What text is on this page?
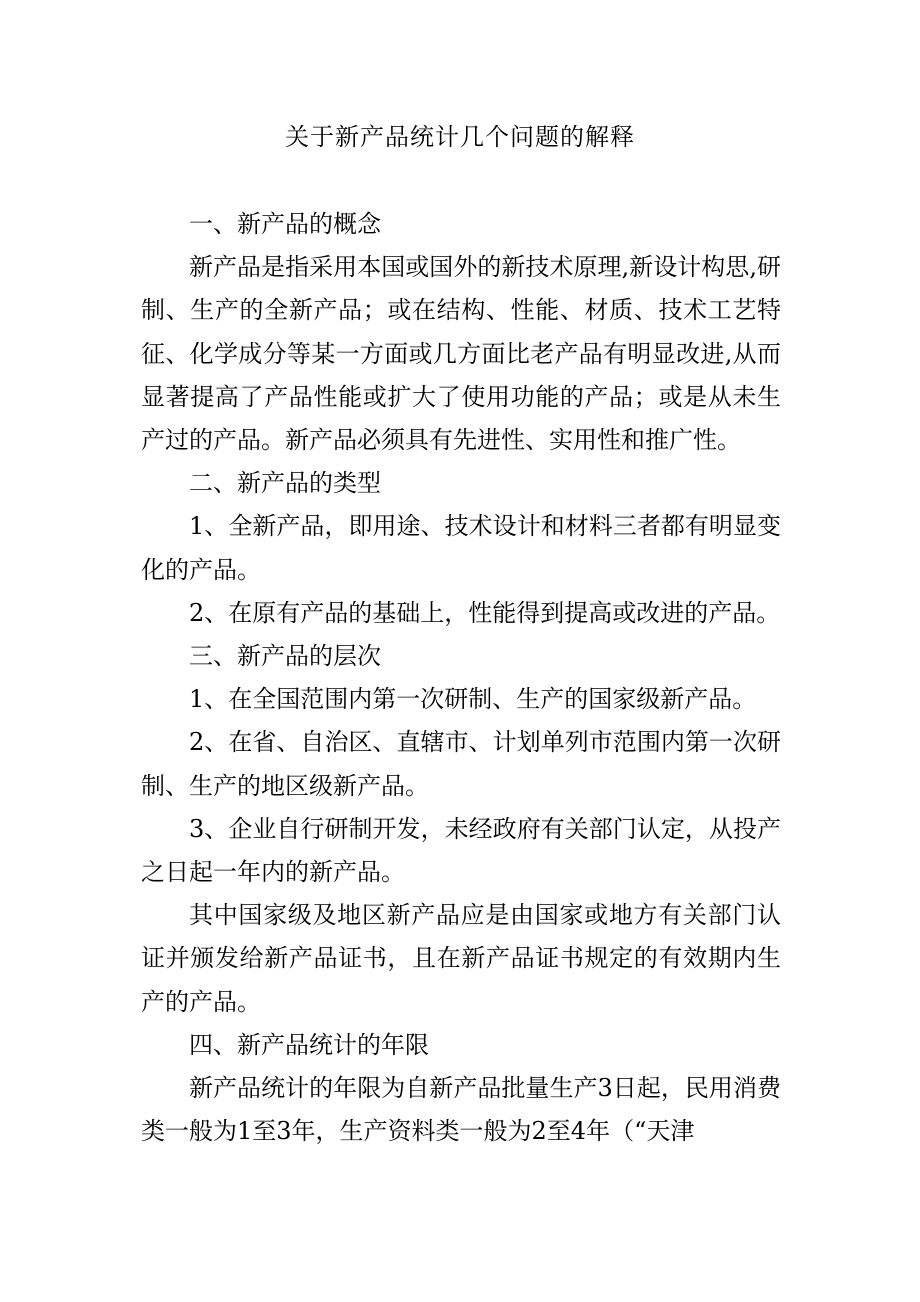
关于新产品统计几个问题的解释

一、新产品的概念

新产品是指采用本国或国外的新技术原理,新设计构思,研制、生产的全新产品；或在结构、性能、材质、技术工艺特征、化学成分等某一方面或几方面比老产品有明显改进,从而显著提高了产品性能或扩大了使用功能的产品；或是从未生产过的产品。新产品必须具有先进性、实用性和推广性。

二、新产品的类型

1、全新产品，即用途、技术设计和材料三者都有明显变化的产品。

2、在原有产品的基础上，性能得到提高或改进的产品。

三、新产品的层次

1、在全国范围内第一次研制、生产的国家级新产品。

2、在省、自治区、直辖市、计划单列市范围内第一次研制、生产的地区级新产品。

3、企业自行研制开发，未经政府有关部门认定，从投产之日起一年内的新产品。

其中国家级及地区新产品应是由国家或地方有关部门认证并颁发给新产品证书，且在新产品证书规定的有效期内生产的产品。

四、新产品统计的年限

新产品统计的年限为自新产品批量生产3日起，民用消费类一般为1至3年，生产资料类一般为2至4年（“天津
